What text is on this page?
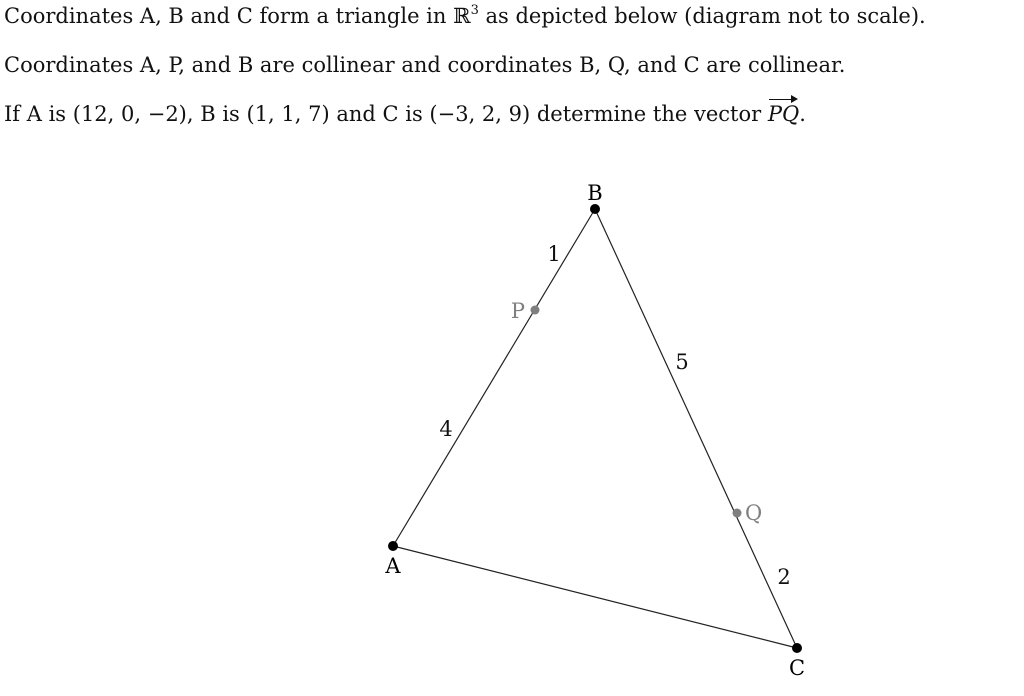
Coordinates A, B and C form a triangle in ℝ$^3$ as depicted below (diagram not to scale).
Coordinates A, P, and B are collinear and coordinates B, Q, and C are collinear.
If A is (12, 0, −2), B is (1, 1, 7) and C is (−3, 2, 9) determine the vector PQ.
A
B
C
P
Q
1
4
5
2
